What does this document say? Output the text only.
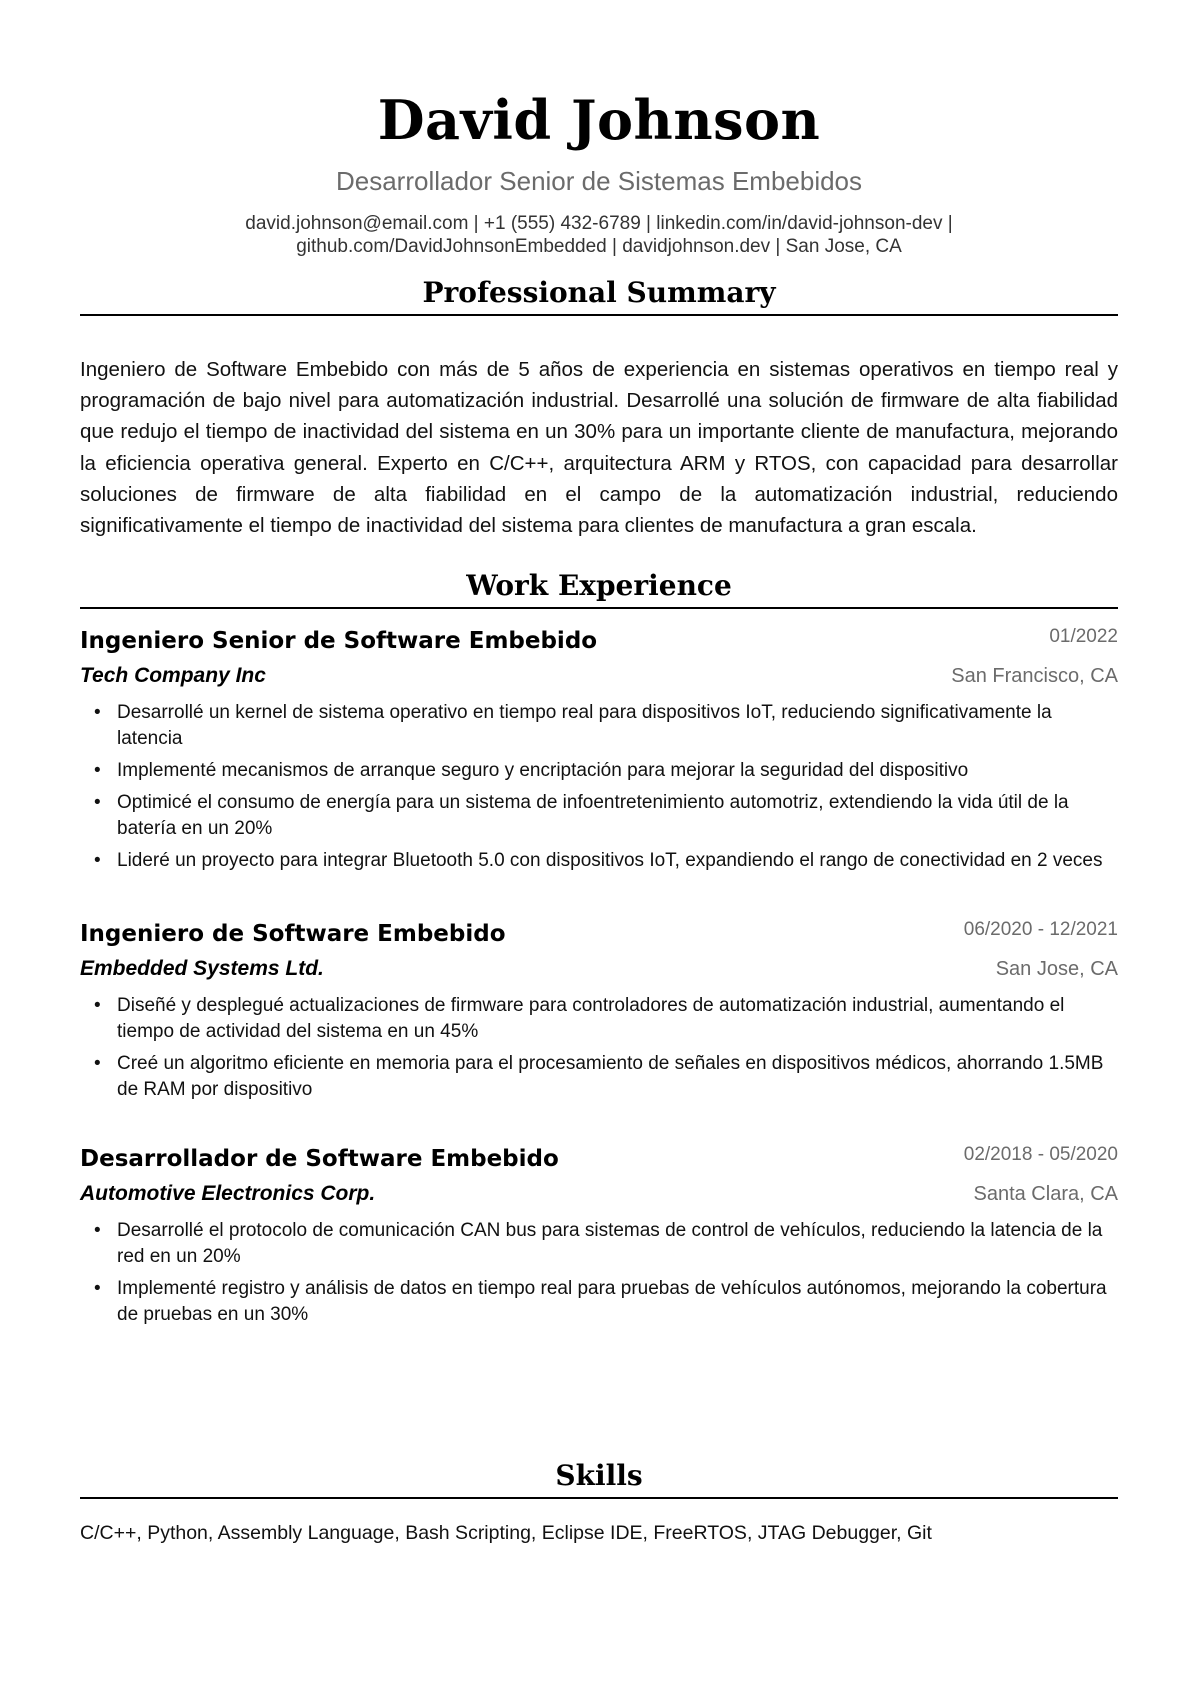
David Johnson
Desarrollador Senior de Sistemas Embebidos
david.johnson@email.com | +1 (555) 432-6789 | linkedin.com/in/david-johnson-dev |
github.com/DavidJohnsonEmbedded | davidjohnson.dev | San Jose, CA
Professional Summary
Ingeniero de Software Embebido con más de 5 años de experiencia en sistemas operativos en tiempo real y programación de bajo nivel para automatización industrial. Desarrollé una solución de firmware de alta fiabilidad que redujo el tiempo de inactividad del sistema en un 30% para un importante cliente de manufactura, mejorando la eficiencia operativa general. Experto en C/C++, arquitectura ARM y RTOS, con capacidad para desarrollar soluciones de firmware de alta fiabilidad en el campo de la automatización industrial, reduciendo significativamente el tiempo de inactividad del sistema para clientes de manufactura a gran escala.
Work Experience
Ingeniero Senior de Software Embebido	01/2022
Tech Company Inc	San Francisco, CA
• Desarrollé un kernel de sistema operativo en tiempo real para dispositivos IoT, reduciendo significativamente la latencia
• Implementé mecanismos de arranque seguro y encriptación para mejorar la seguridad del dispositivo
• Optimicé el consumo de energía para un sistema de infoentretenimiento automotriz, extendiendo la vida útil de la batería en un 20%
• Lideré un proyecto para integrar Bluetooth 5.0 con dispositivos IoT, expandiendo el rango de conectividad en 2 veces
Ingeniero de Software Embebido	06/2020 - 12/2021
Embedded Systems Ltd.	San Jose, CA
• Diseñé y desplegué actualizaciones de firmware para controladores de automatización industrial, aumentando el tiempo de actividad del sistema en un 45%
• Creé un algoritmo eficiente en memoria para el procesamiento de señales en dispositivos médicos, ahorrando 1.5MB de RAM por dispositivo
Desarrollador de Software Embebido	02/2018 - 05/2020
Automotive Electronics Corp.	Santa Clara, CA
• Desarrollé el protocolo de comunicación CAN bus para sistemas de control de vehículos, reduciendo la latencia de la red en un 20%
• Implementé registro y análisis de datos en tiempo real para pruebas de vehículos autónomos, mejorando la cobertura de pruebas en un 30%
Skills
C/C++, Python, Assembly Language, Bash Scripting, Eclipse IDE, FreeRTOS, JTAG Debugger, Git
